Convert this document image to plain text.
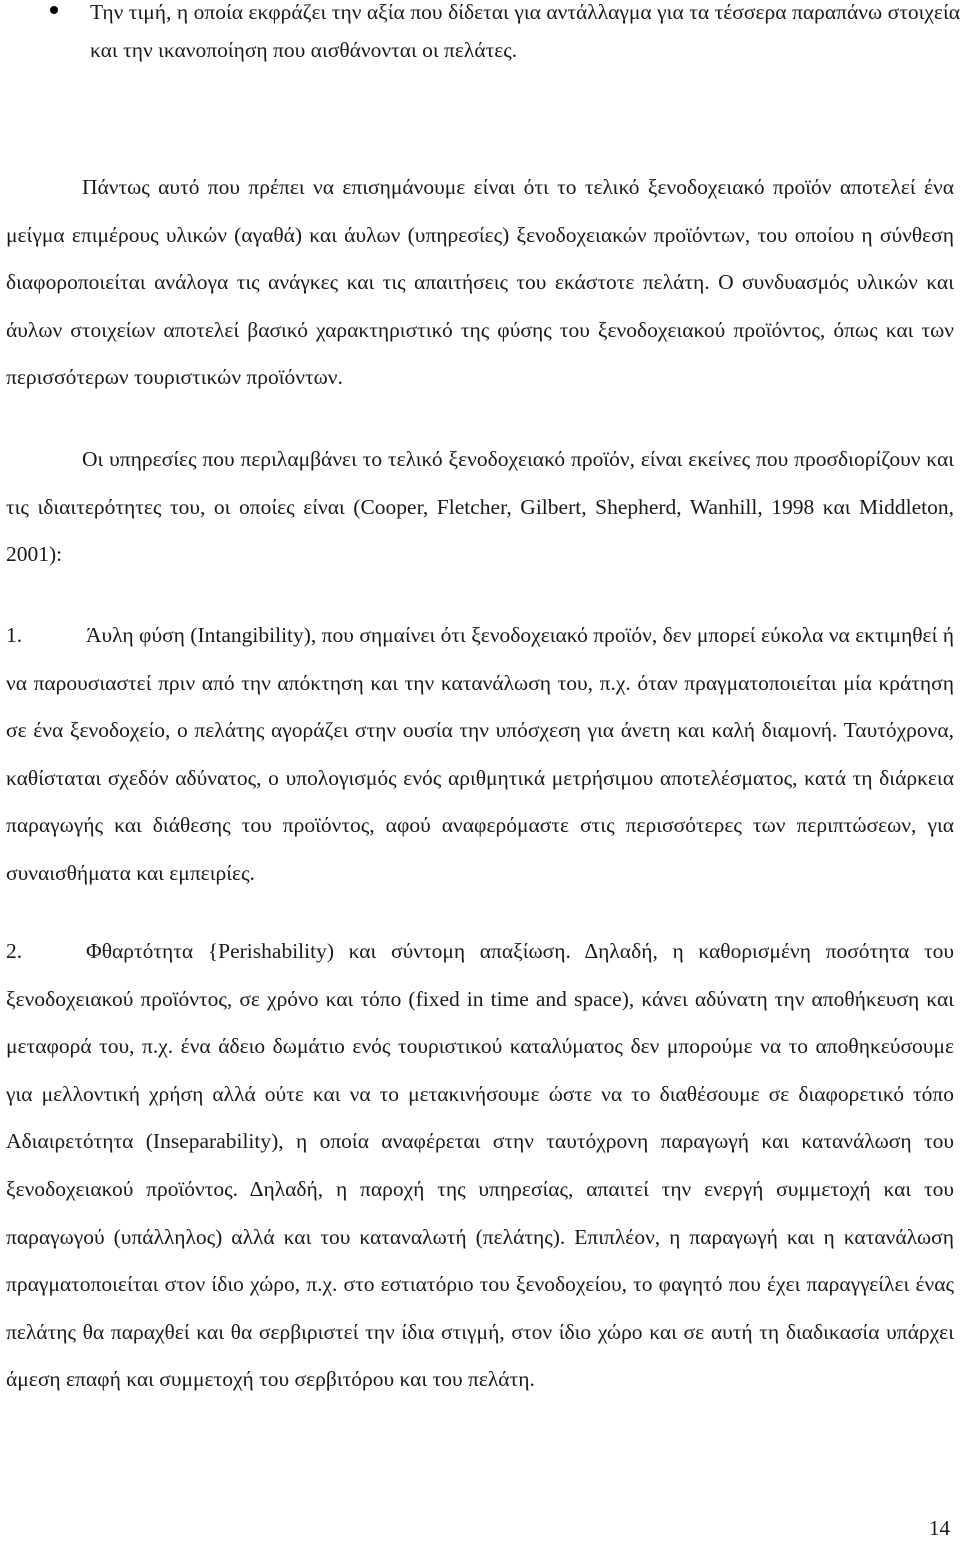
Την τιμή, η οποία εκφράζει την αξία που δίδεται για αντάλλαγμα για τα τέσσερα παραπάνω στοιχεία και την ικανοποίηση που αισθάνονται οι πελάτες.

Πάντως αυτό που πρέπει να επισημάνουμε είναι ότι το τελικό ξενοδοχειακό προϊόν αποτελεί ένα μείγμα επιμέρους υλικών (αγαθά) και άυλων (υπηρεσίες) ξενοδοχειακών προϊόντων, του οποίου η σύνθεση διαφοροποιείται ανάλογα τις ανάγκες και τις απαιτήσεις του εκάστοτε πελάτη. Ο συνδυασμός υλικών και άυλων στοιχείων αποτελεί βασικό χαρακτηριστικό της φύσης του ξενοδοχειακού προϊόντος, όπως και των περισσότερων τουριστικών προϊόντων.

Οι υπηρεσίες που περιλαμβάνει το τελικό ξενοδοχειακό προϊόν, είναι εκείνες που προσδιορίζουν και τις ιδιαιτερότητες του, οι οποίες είναι (Cooper, Fletcher, Gilbert, Shepherd, Wanhill, 1998 και Middleton, 2001):

1.	Άυλη φύση (Intangibility), που σημαίνει ότι ξενοδοχειακό προϊόν, δεν μπορεί εύκολα να εκτιμηθεί ή να παρουσιαστεί πριν από την απόκτηση και την κατανάλωση του, π.χ. όταν πραγματοποιείται μία κράτηση σε ένα ξενοδοχείο, ο πελάτης αγοράζει στην ουσία την υπόσχεση για άνετη και καλή διαμονή. Ταυτόχρονα, καθίσταται σχεδόν αδύνατος, ο υπολογισμός ενός αριθμητικά μετρήσιμου αποτελέσματος, κατά τη διάρκεια παραγωγής και διάθεσης του προϊόντος, αφού αναφερόμαστε στις περισσότερες των περιπτώσεων, για συναισθήματα και εμπειρίες.

2.	Φθαρτότητα {Perishability) και σύντομη απαξίωση. Δηλαδή, η καθορισμένη ποσότητα του ξενοδοχειακού προϊόντος, σε χρόνο και τόπο (fixed in time and space), κάνει αδύνατη την αποθήκευση και μεταφορά του, π.χ. ένα άδειο δωμάτιο ενός τουριστικού καταλύματος δεν μπορούμε να το αποθηκεύσουμε για μελλοντική χρήση αλλά ούτε και να το μετακινήσουμε ώστε να το διαθέσουμε σε διαφορετικό τόπο Αδιαιρετότητα (Inseparability), η οποία αναφέρεται στην ταυτόχρονη παραγωγή και κατανάλωση του ξενοδοχειακού προϊόντος. Δηλαδή, η παροχή της υπηρεσίας, απαιτεί την ενεργή συμμετοχή και του παραγωγού (υπάλληλος) αλλά και του καταναλωτή (πελάτης). Επιπλέον, η παραγωγή και η κατανάλωση πραγματοποιείται στον ίδιο χώρο, π.χ. στο εστιατόριο του ξενοδοχείου, το φαγητό που έχει παραγγείλει ένας πελάτης θα παραχθεί και θα σερβιριστεί την ίδια στιγμή, στον ίδιο χώρο και σε αυτή τη διαδικασία υπάρχει άμεση επαφή και συμμετοχή του σερβιτόρου και του πελάτη.

14
